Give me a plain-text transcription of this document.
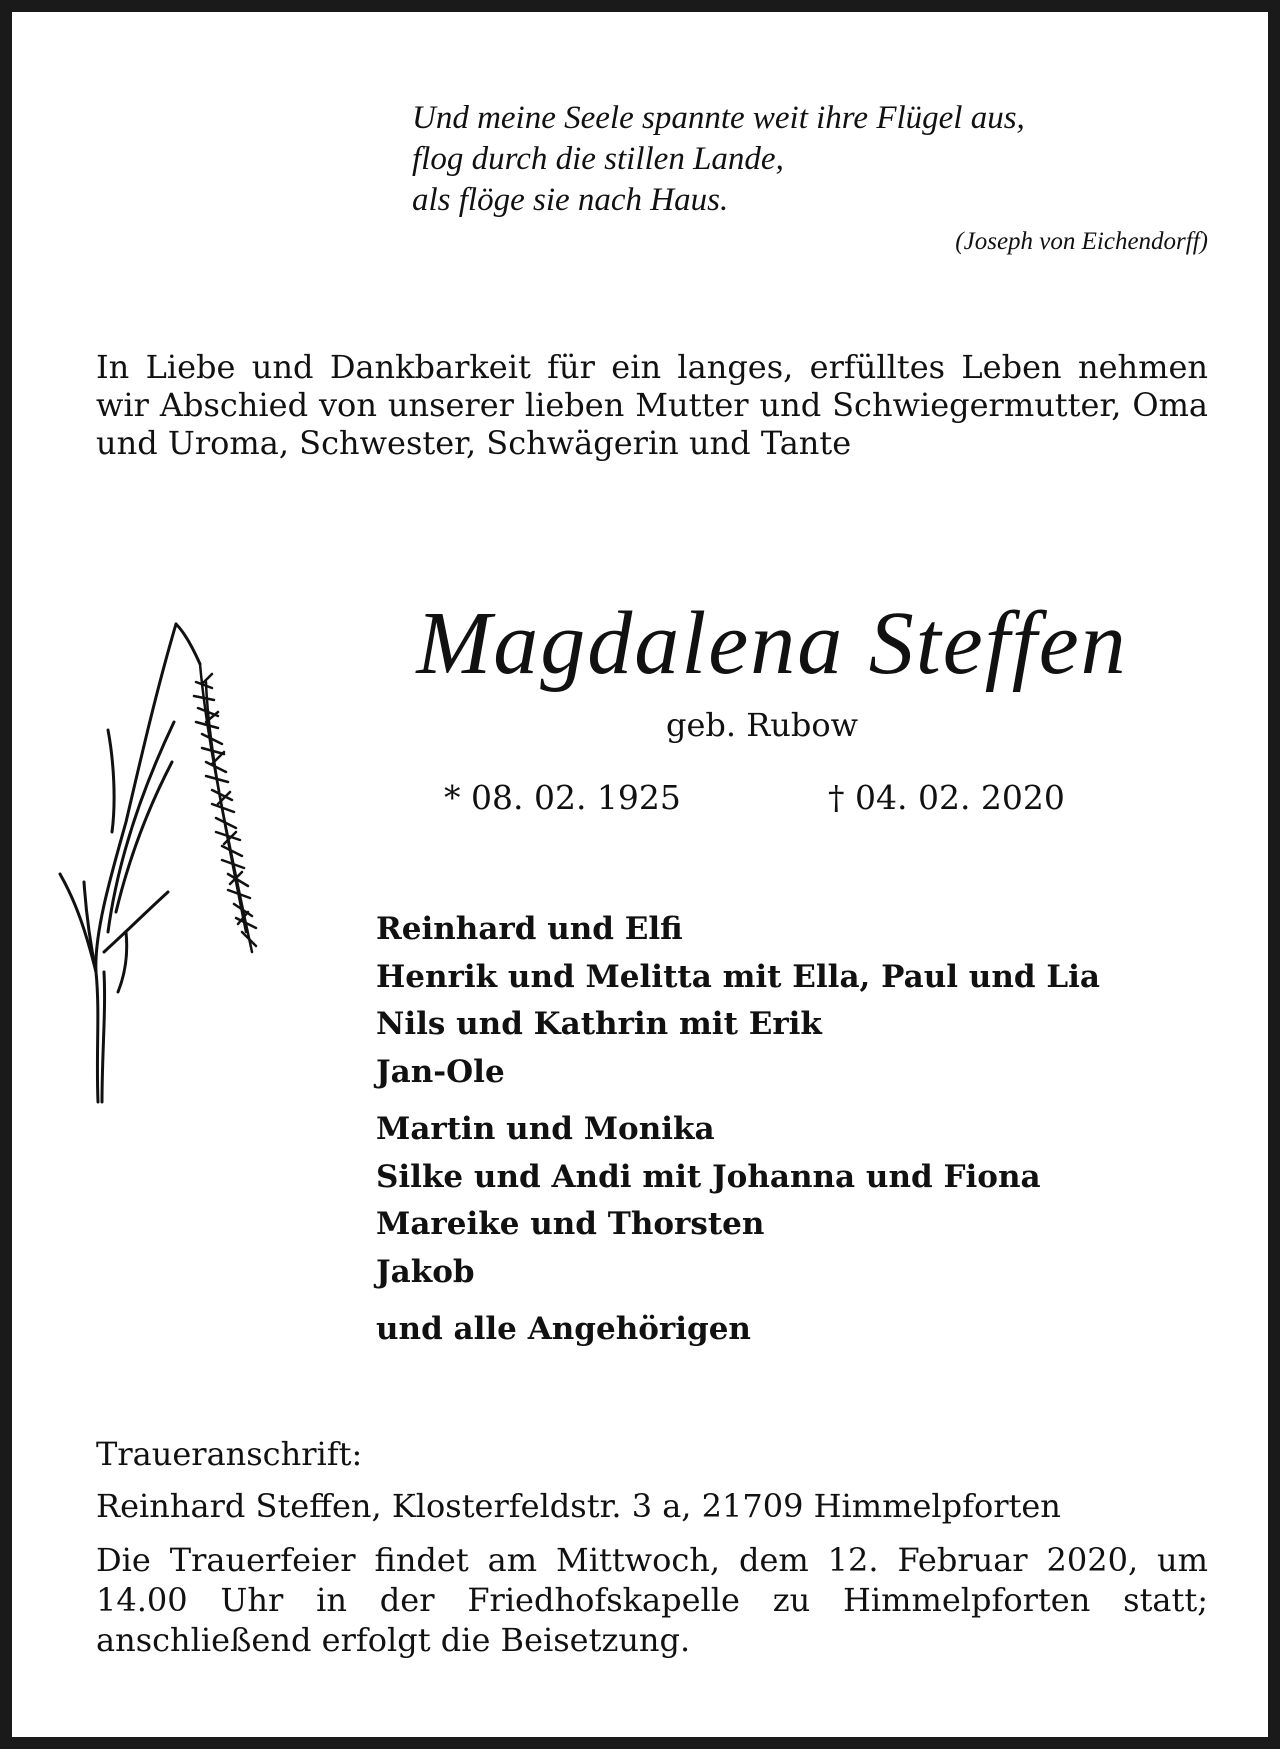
Und meine Seele spannte weit ihre Flügel aus,
flog durch die stillen Lande,
als flöge sie nach Haus.
(Joseph von Eichendorff)
In Liebe und Dankbarkeit für ein langes, erfülltes Leben nehmen wir Abschied von unserer lieben Mutter und Schwiegermutter, Oma und Uroma, Schwester, Schwägerin und Tante
Magdalena Steffen
geb. Rubow
* 08. 02. 1925	† 04. 02. 2020
Reinhard und Elfi
Henrik und Melitta mit Ella, Paul und Lia
Nils und Kathrin mit Erik
Jan-Ole
Martin und Monika
Silke und Andi mit Johanna und Fiona
Mareike und Thorsten
Jakob
und alle Angehörigen
Traueranschrift:
Reinhard Steffen, Klosterfeldstr. 3 a, 21709 Himmelpforten
Die Trauerfeier findet am Mittwoch, dem 12. Februar 2020, um 14.00 Uhr in der Friedhofskapelle zu Himmelpforten statt; anschließend erfolgt die Beisetzung.
